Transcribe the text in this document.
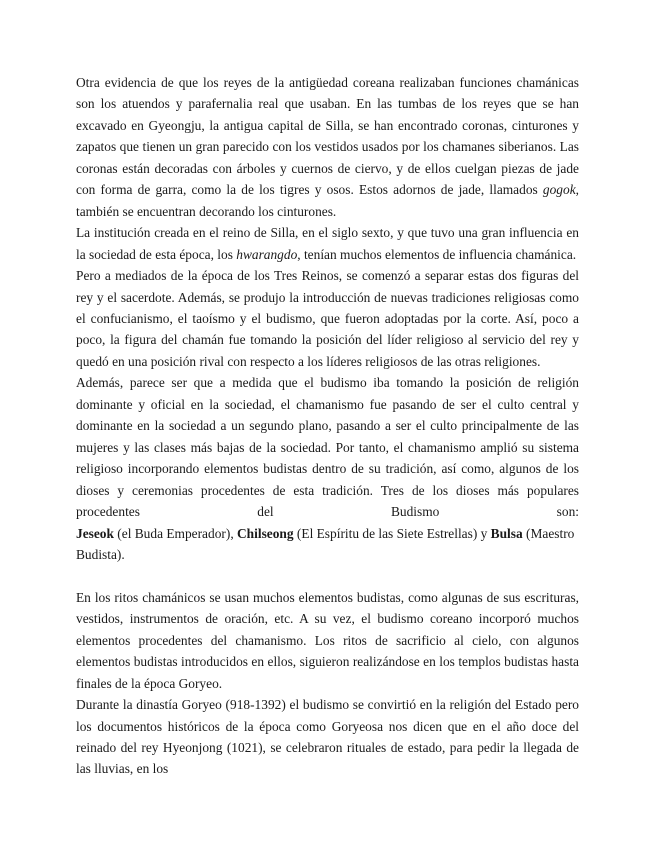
Otra evidencia de que los reyes de la antigüedad coreana realizaban funciones chamánicas son los atuendos y parafernalia real que usaban. En las tumbas de los reyes que se han excavado en Gyeongju, la antigua capital de Silla, se han encontrado coronas, cinturones y zapatos que tienen un gran parecido con los vestidos usados por los chamanes siberianos. Las coronas están decoradas con árboles y cuernos de ciervo, y de ellos cuelgan piezas de jade con forma de garra, como la de los tigres y osos. Estos adornos de jade, llamados gogok, también se encuentran decorando los cinturones.

La institución creada en el reino de Silla, en el siglo sexto, y que tuvo una gran influencia en la sociedad de esta época, los hwarangdo, tenían muchos elementos de influencia chamánica.

Pero a mediados de la época de los Tres Reinos, se comenzó a separar estas dos figuras del rey y el sacerdote. Además, se produjo la introducción de nuevas tradiciones religiosas como el confucianismo, el taoísmo y el budismo, que fueron adoptadas por la corte. Así, poco a poco, la figura del chamán fue tomando la posición del líder religioso al servicio del rey y quedó en una posición rival con respecto a los líderes religiosos de las otras religiones.

Además, parece ser que a medida que el budismo iba tomando la posición de religión dominante y oficial en la sociedad, el chamanismo fue pasando de ser el culto central y dominante en la sociedad a un segundo plano, pasando a ser el culto principalmente de las mujeres y las clases más bajas de la sociedad. Por tanto, el chamanismo amplió su sistema religioso incorporando elementos budistas dentro de su tradición, así como, algunos de los dioses y ceremonias procedentes de esta tradición. Tres de los dioses más populares procedentes del Budismo son:
Jeseok (el Buda Emperador), Chilseong (El Espíritu de las Siete Estrellas) y Bulsa (Maestro Budista).

En los ritos chamánicos se usan muchos elementos budistas, como algunas de sus escrituras, vestidos, instrumentos de oración, etc. A su vez, el budismo coreano incorporó muchos elementos procedentes del chamanismo. Los ritos de sacrificio al cielo, con algunos elementos budistas introducidos en ellos, siguieron realizándose en los templos budistas hasta finales de la época Goryeo.

Durante la dinastía Goryeo (918-1392) el budismo se convirtió en la religión del Estado pero los documentos históricos de la época como Goryeosa nos dicen que en el año doce del reinado del rey Hyeonjong (1021), se celebraron rituales de estado, para pedir la llegada de las lluvias, en los
